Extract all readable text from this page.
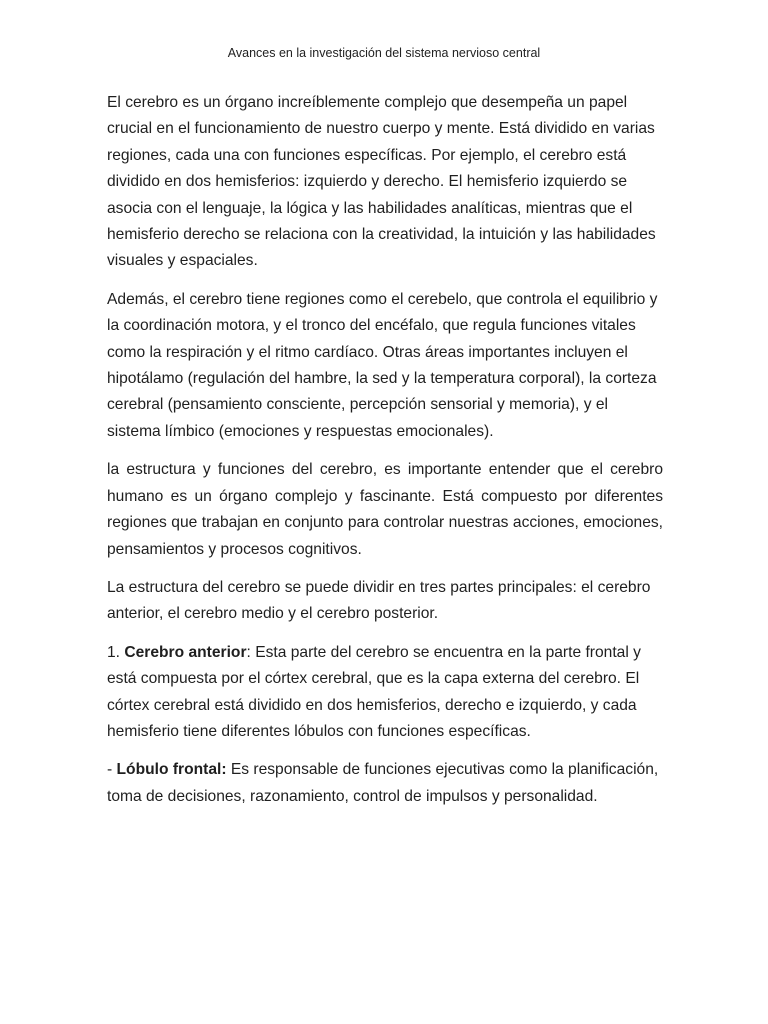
Avances en la investigación del sistema nervioso central

El cerebro es un órgano increíblemente complejo que desempeña un papel crucial en el funcionamiento de nuestro cuerpo y mente. Está dividido en varias regiones, cada una con funciones específicas. Por ejemplo, el cerebro está dividido en dos hemisferios: izquierdo y derecho. El hemisferio izquierdo se asocia con el lenguaje, la lógica y las habilidades analíticas, mientras que el hemisferio derecho se relaciona con la creatividad, la intuición y las habilidades visuales y espaciales.

Además, el cerebro tiene regiones como el cerebelo, que controla el equilibrio y la coordinación motora, y el tronco del encéfalo, que regula funciones vitales como la respiración y el ritmo cardíaco. Otras áreas importantes incluyen el hipotálamo (regulación del hambre, la sed y la temperatura corporal), la corteza cerebral (pensamiento consciente, percepción sensorial y memoria), y el sistema límbico (emociones y respuestas emocionales).

la estructura y funciones del cerebro, es importante entender que el cerebro humano es un órgano complejo y fascinante. Está compuesto por diferentes regiones que trabajan en conjunto para controlar nuestras acciones, emociones, pensamientos y procesos cognitivos.

La estructura del cerebro se puede dividir en tres partes principales: el cerebro anterior, el cerebro medio y el cerebro posterior.

1. Cerebro anterior: Esta parte del cerebro se encuentra en la parte frontal y está compuesta por el córtex cerebral, que es la capa externa del cerebro. El córtex cerebral está dividido en dos hemisferios, derecho e izquierdo, y cada hemisferio tiene diferentes lóbulos con funciones específicas.

- Lóbulo frontal: Es responsable de funciones ejecutivas como la planificación, toma de decisiones, razonamiento, control de impulsos y personalidad.
